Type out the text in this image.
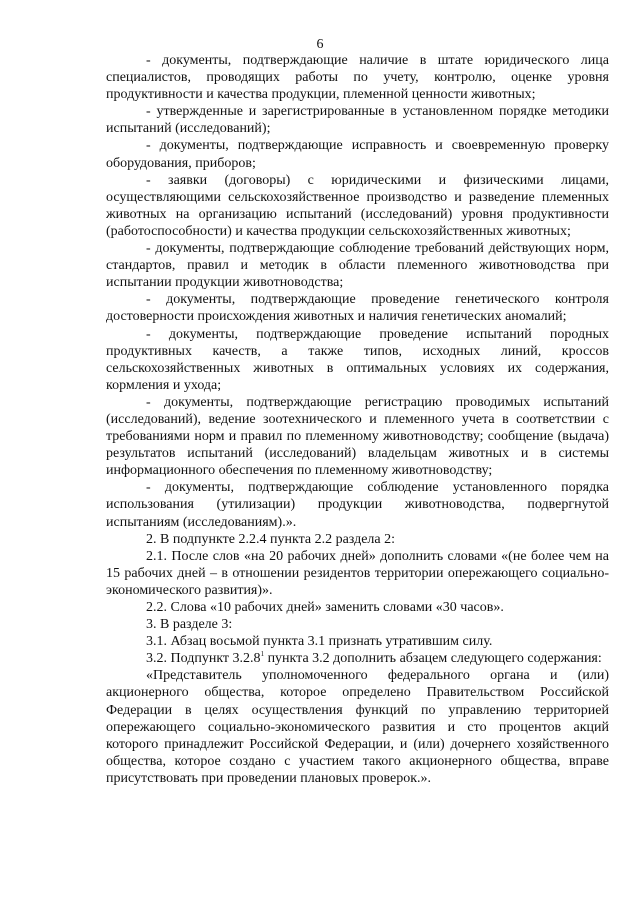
6

- документы, подтверждающие наличие в штате юридического лица специалистов, проводящих работы по учету, контролю, оценке уровня продуктивности и качества продукции, племенной ценности животных;

- утвержденные и зарегистрированные в установленном порядке методики испытаний (исследований);

- документы, подтверждающие исправность и своевременную проверку оборудования, приборов;

- заявки (договоры) с юридическими и физическими лицами, осуществляющими сельскохозяйственное производство и разведение племенных животных на организацию испытаний (исследований) уровня продуктивности (работоспособности) и качества продукции сельскохозяйственных животных;

- документы, подтверждающие соблюдение требований действующих норм, стандартов, правил и методик в области племенного животноводства при испытании продукции животноводства;

- документы, подтверждающие проведение генетического контроля достоверности происхождения животных и наличия генетических аномалий;

- документы, подтверждающие проведение испытаний породных продуктивных качеств, а также типов, исходных линий, кроссов сельскохозяйственных животных в оптимальных условиях их содержания, кормления и ухода;

- документы, подтверждающие регистрацию проводимых испытаний (исследований), ведение зоотехнического и племенного учета в соответствии с требованиями норм и правил по племенному животноводству; сообщение (выдача) результатов испытаний (исследований) владельцам животных и в системы информационного обеспечения по племенному животноводству;

- документы, подтверждающие соблюдение установленного порядка использования (утилизации) продукции животноводства, подвергнутой испытаниям (исследованиям).».

2. В подпункте 2.2.4 пункта 2.2 раздела 2:

2.1. После слов «на 20 рабочих дней» дополнить словами «(не более чем на 15 рабочих дней – в отношении резидентов территории опережающего социально-экономического развития)».

2.2. Слова «10 рабочих дней» заменить словами «30 часов».

3. В разделе 3:

3.1. Абзац восьмой пункта 3.1 признать утратившим силу.

3.2. Подпункт 3.2.8$^1$ пункта 3.2 дополнить абзацем следующего содержания:

«Представитель уполномоченного федерального органа и (или) акционерного общества, которое определено Правительством Российской Федерации в целях осуществления функций по управлению территорией опережающего социально-экономического развития и сто процентов акций которого принадлежит Российской Федерации, и (или) дочернего хозяйственного общества, которое создано с участием такого акционерного общества, вправе присутствовать при проведении плановых проверок.».
